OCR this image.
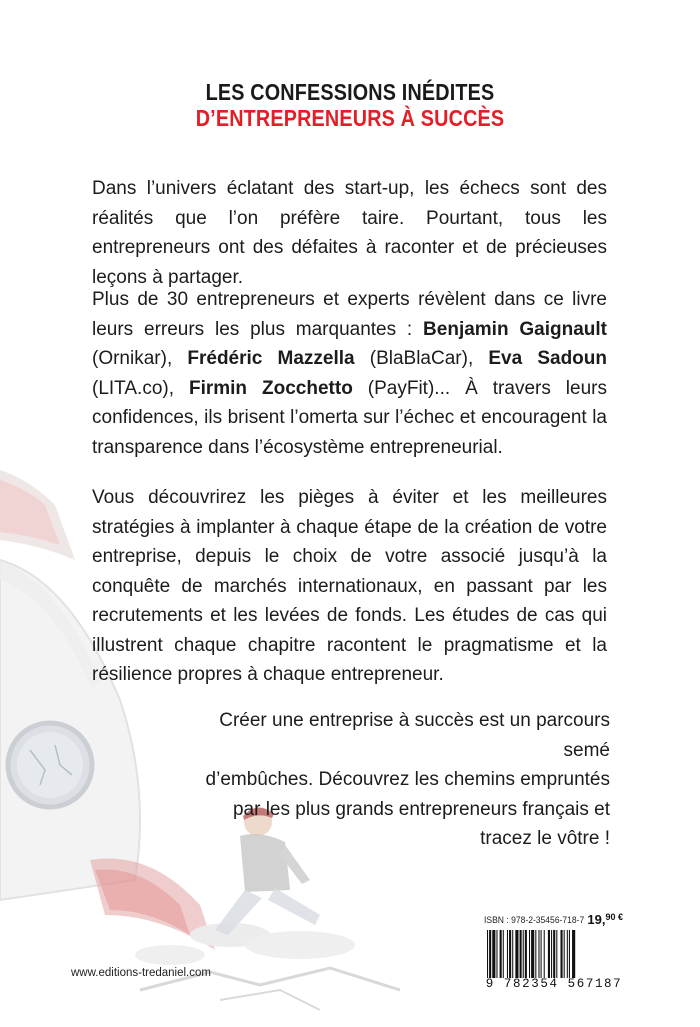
LES CONFESSIONS INÉDITES
D’ENTREPRENEURS À SUCCÈS

Dans l’univers éclatant des start-up, les échecs sont des réalités que l’on préfère taire. Pourtant, tous les entrepreneurs ont des défaites à raconter et de précieuses leçons à partager.

Plus de 30 entrepreneurs et experts révèlent dans ce livre leurs erreurs les plus marquantes : Benjamin Gaignault (Ornikar), Frédéric Mazzella (BlaBlaCar), Eva Sadoun (LITA.co), Firmin Zocchetto (PayFit)... À travers leurs confidences, ils brisent l’omerta sur l’échec et encouragent la transparence dans l’écosystème entrepreneurial.

Vous découvrirez les pièges à éviter et les meilleures stratégies à implanter à chaque étape de la création de votre entreprise, depuis le choix de votre associé jusqu’à la conquête de marchés internationaux, en passant par les recrutements et les levées de fonds. Les études de cas qui illustrent chaque chapitre racontent le pragmatisme et la résilience propres à chaque entrepreneur.

Créer une entreprise à succès est un parcours semé
d’embûches. Découvrez les chemins empruntés
par les plus grands entrepreneurs français et
tracez le vôtre !
ISBN : 978-2-35456-718-7 19,$^{90 €}$
9 782354 567187
www.editions-tredaniel.com
